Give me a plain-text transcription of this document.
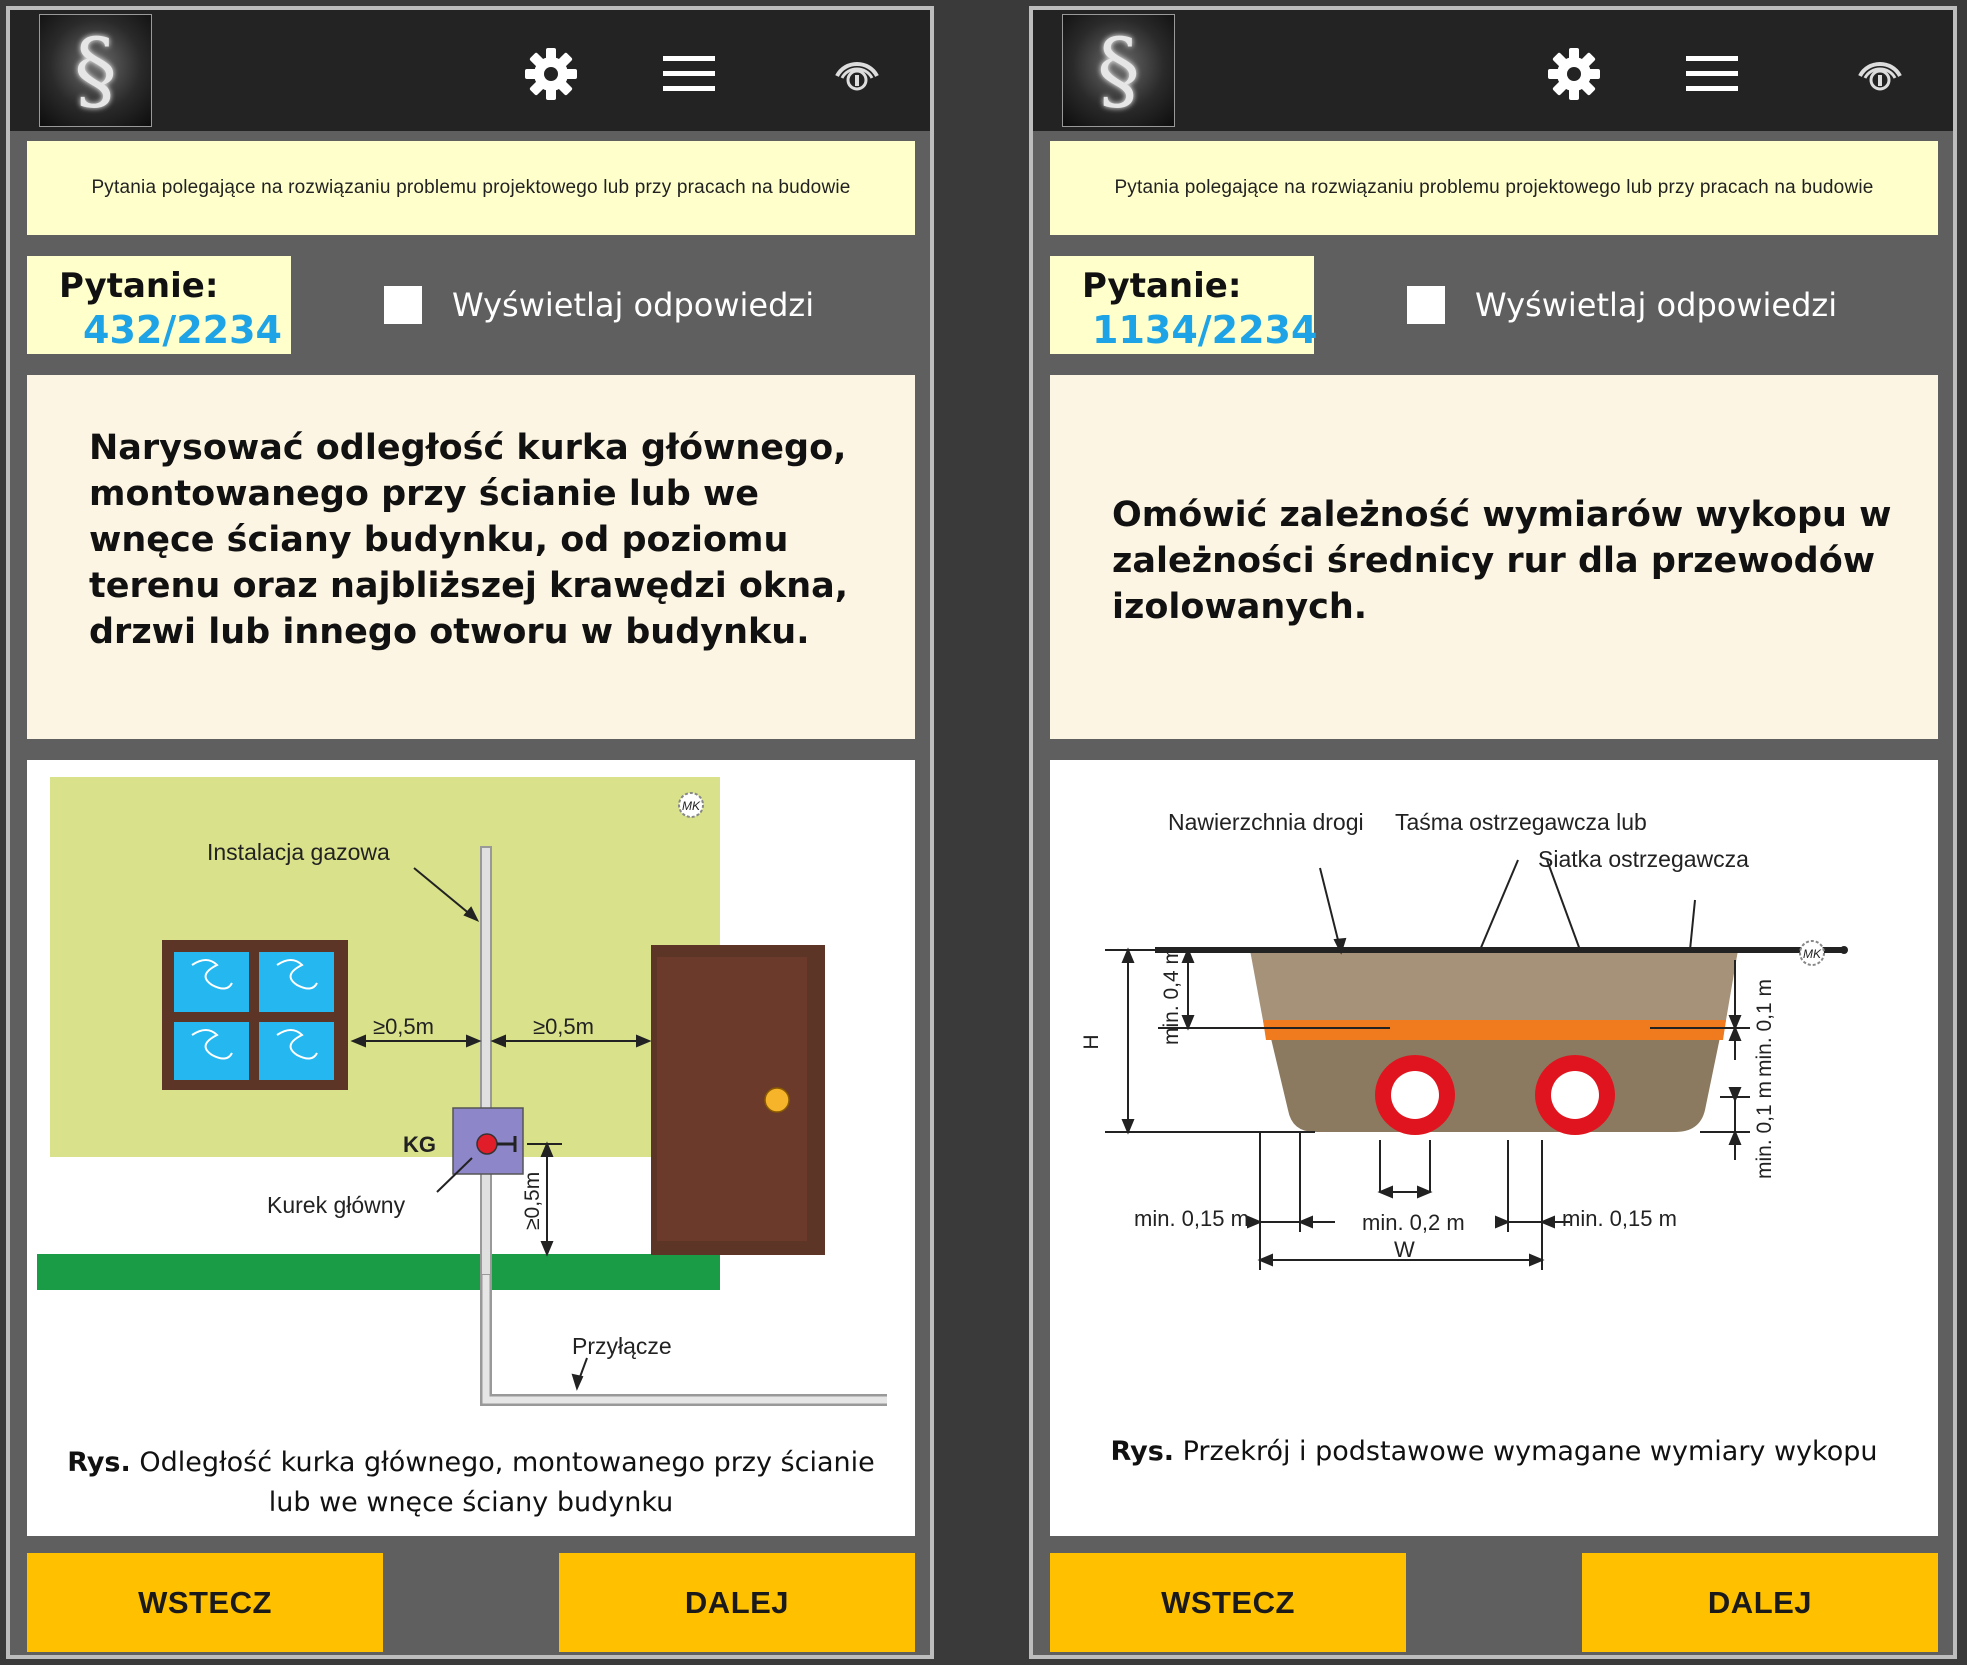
§
Pytania polegające na rozwiązaniu problemu projektowego lub przy pracach na budowie
Pytanie:
432/2234
Wyświetlaj odpowiedzi
Narysować odległość kurka głównego, montowanego przy ścianie lub we wnęce ściany budynku, od poziomu terenu oraz najbliższej krawędzi okna, drzwi lub innego otworu w budynku.
MK
Instalacja gazowa
≥0,5m	≥0,5m
KG
Kurek główny	≥0,5m
Przyłącze
Rys. Odległość kurka głównego, montowanego przy ścianie lub we wnęce ściany budynku
WSTECZ	DALEJ
§
Pytania polegające na rozwiązaniu problemu projektowego lub przy pracach na budowie
Pytanie:
1134/2234
Wyświetlaj odpowiedzi
Omówić zależność wymiarów wykopu w zależności średnicy rur dla przewodów izolowanych.
MK
Nawierzchnia drogi Taśma ostrzegawcza lub
Siatka ostrzegawcza
min. 0,4 m
H	min. 0,1 m
min. 0,1 m
min. 0,15 m	min. 0,2 m	min. 0,15 m
W
Rys. Przekrój i podstawowe wymagane wymiary wykopu
WSTECZ	DALEJ
